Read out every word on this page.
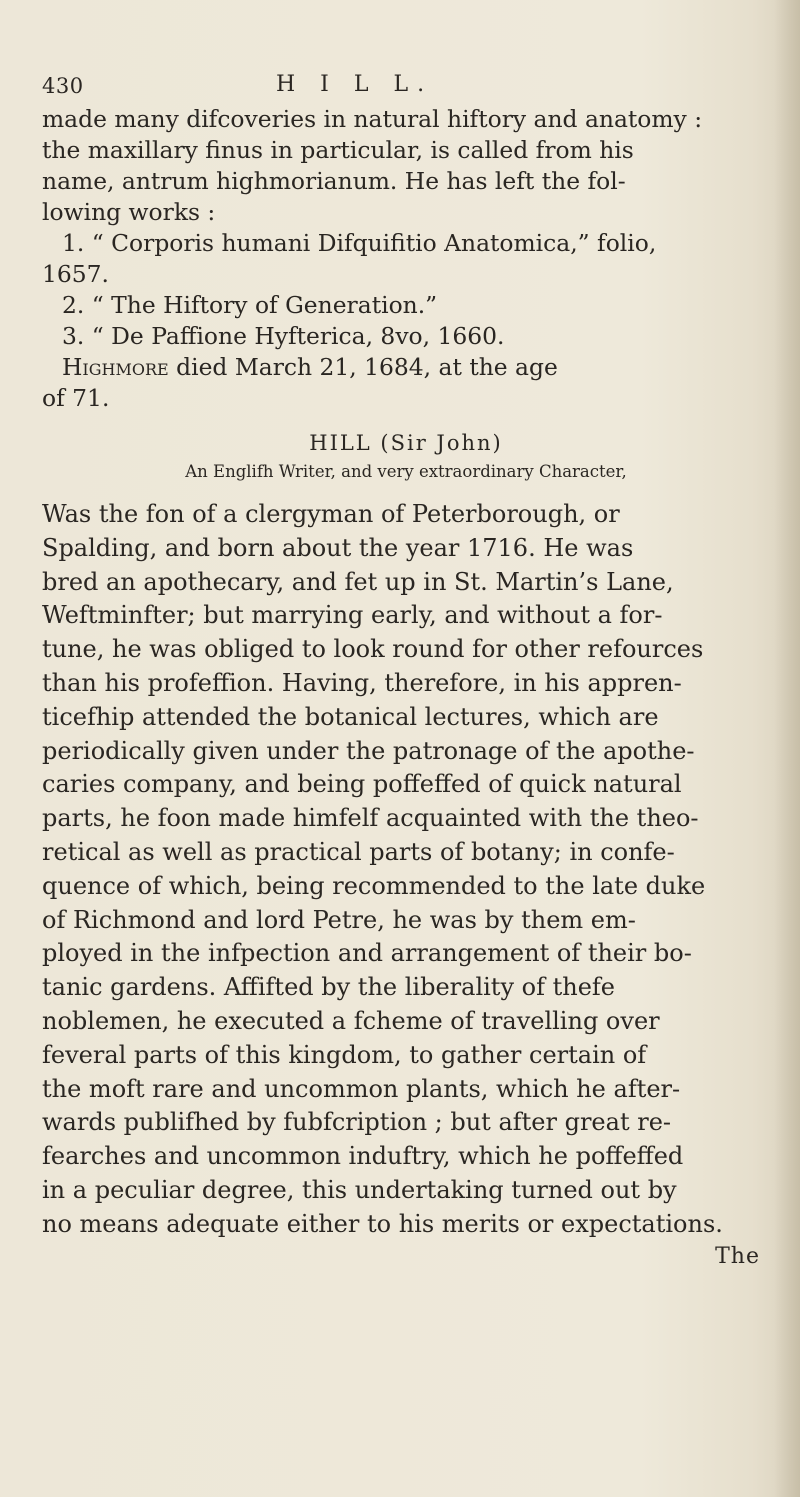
430	H I L L.
made many difcoveries in natural hiftory and anatomy :
the maxillary finus in particular, is called from his
name, antrum highmorianum. He has left the fol-
lowing works :
1. “ Corporis humani Difquifitio Anatomica,” folio,
1657.
2. “ The Hiftory of Generation.”
3. “ De Paffione Hyfterica, 8vo, 1660.
Highmore died March 21, 1684, at the age
of 71.
HILL (Sir John)
An Englifh Writer, and very extraordinary Character,
Was the fon of a clergyman of Peterborough, or
Spalding, and born about the year 1716. He was
bred an apothecary, and fet up in St. Martin’s Lane,
Weftminfter; but marrying early, and without a for-
tune, he was obliged to look round for other refources
than his profeffion. Having, therefore, in his appren-
ticefhip attended the botanical lectures, which are
periodically given under the patronage of the apothe-
caries company, and being poffeffed of quick natural
parts, he foon made himfelf acquainted with the theo-
retical as well as practical parts of botany; in confe-
quence of which, being recommended to the late duke
of Richmond and lord Petre, he was by them em-
ployed in the infpection and arrangement of their bo-
tanic gardens. Affifted by the liberality of thefe
noblemen, he executed a fcheme of travelling over
feveral parts of this kingdom, to gather certain of
the moft rare and uncommon plants, which he after-
wards publifhed by fubfcription ; but after great re-
fearches and uncommon induftry, which he poffeffed
in a peculiar degree, this undertaking turned out by
no means adequate either to his merits or expectations.
The
